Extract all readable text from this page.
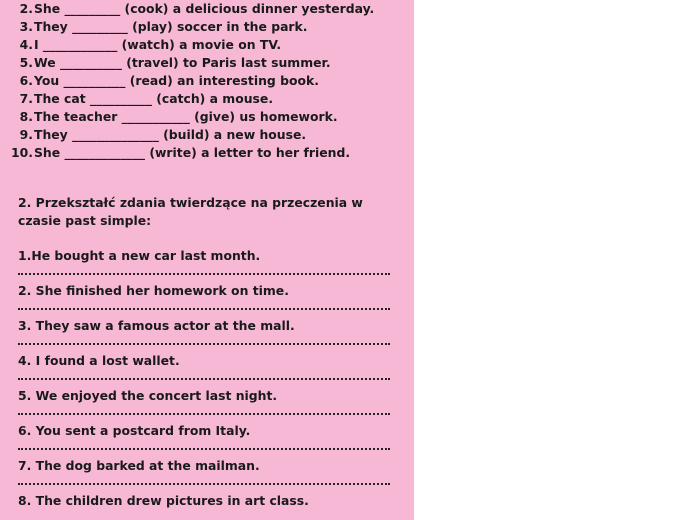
2.She _________ (cook) a delicious dinner yesterday.
3.They _________ (play) soccer in the park.
4.I ____________ (watch) a movie on TV.
5.We __________ (travel) to Paris last summer.
6.You __________ (read) an interesting book.
7.The cat __________ (catch) a mouse.
8.The teacher ___________ (give) us homework.
9.They ______________ (build) a new house.
10.She _____________ (write) a letter to her friend.

2. Przekształć zdania twierdzące na przeczenia w czasie past simple:

1.He bought a new car last month.
2. She finished her homework on time.
3. They saw a famous actor at the mall.
4. I found a lost wallet.
5. We enjoyed the concert last night.
6. You sent a postcard from Italy.
7. The dog barked at the mailman.
8. The children drew pictures in art class.
